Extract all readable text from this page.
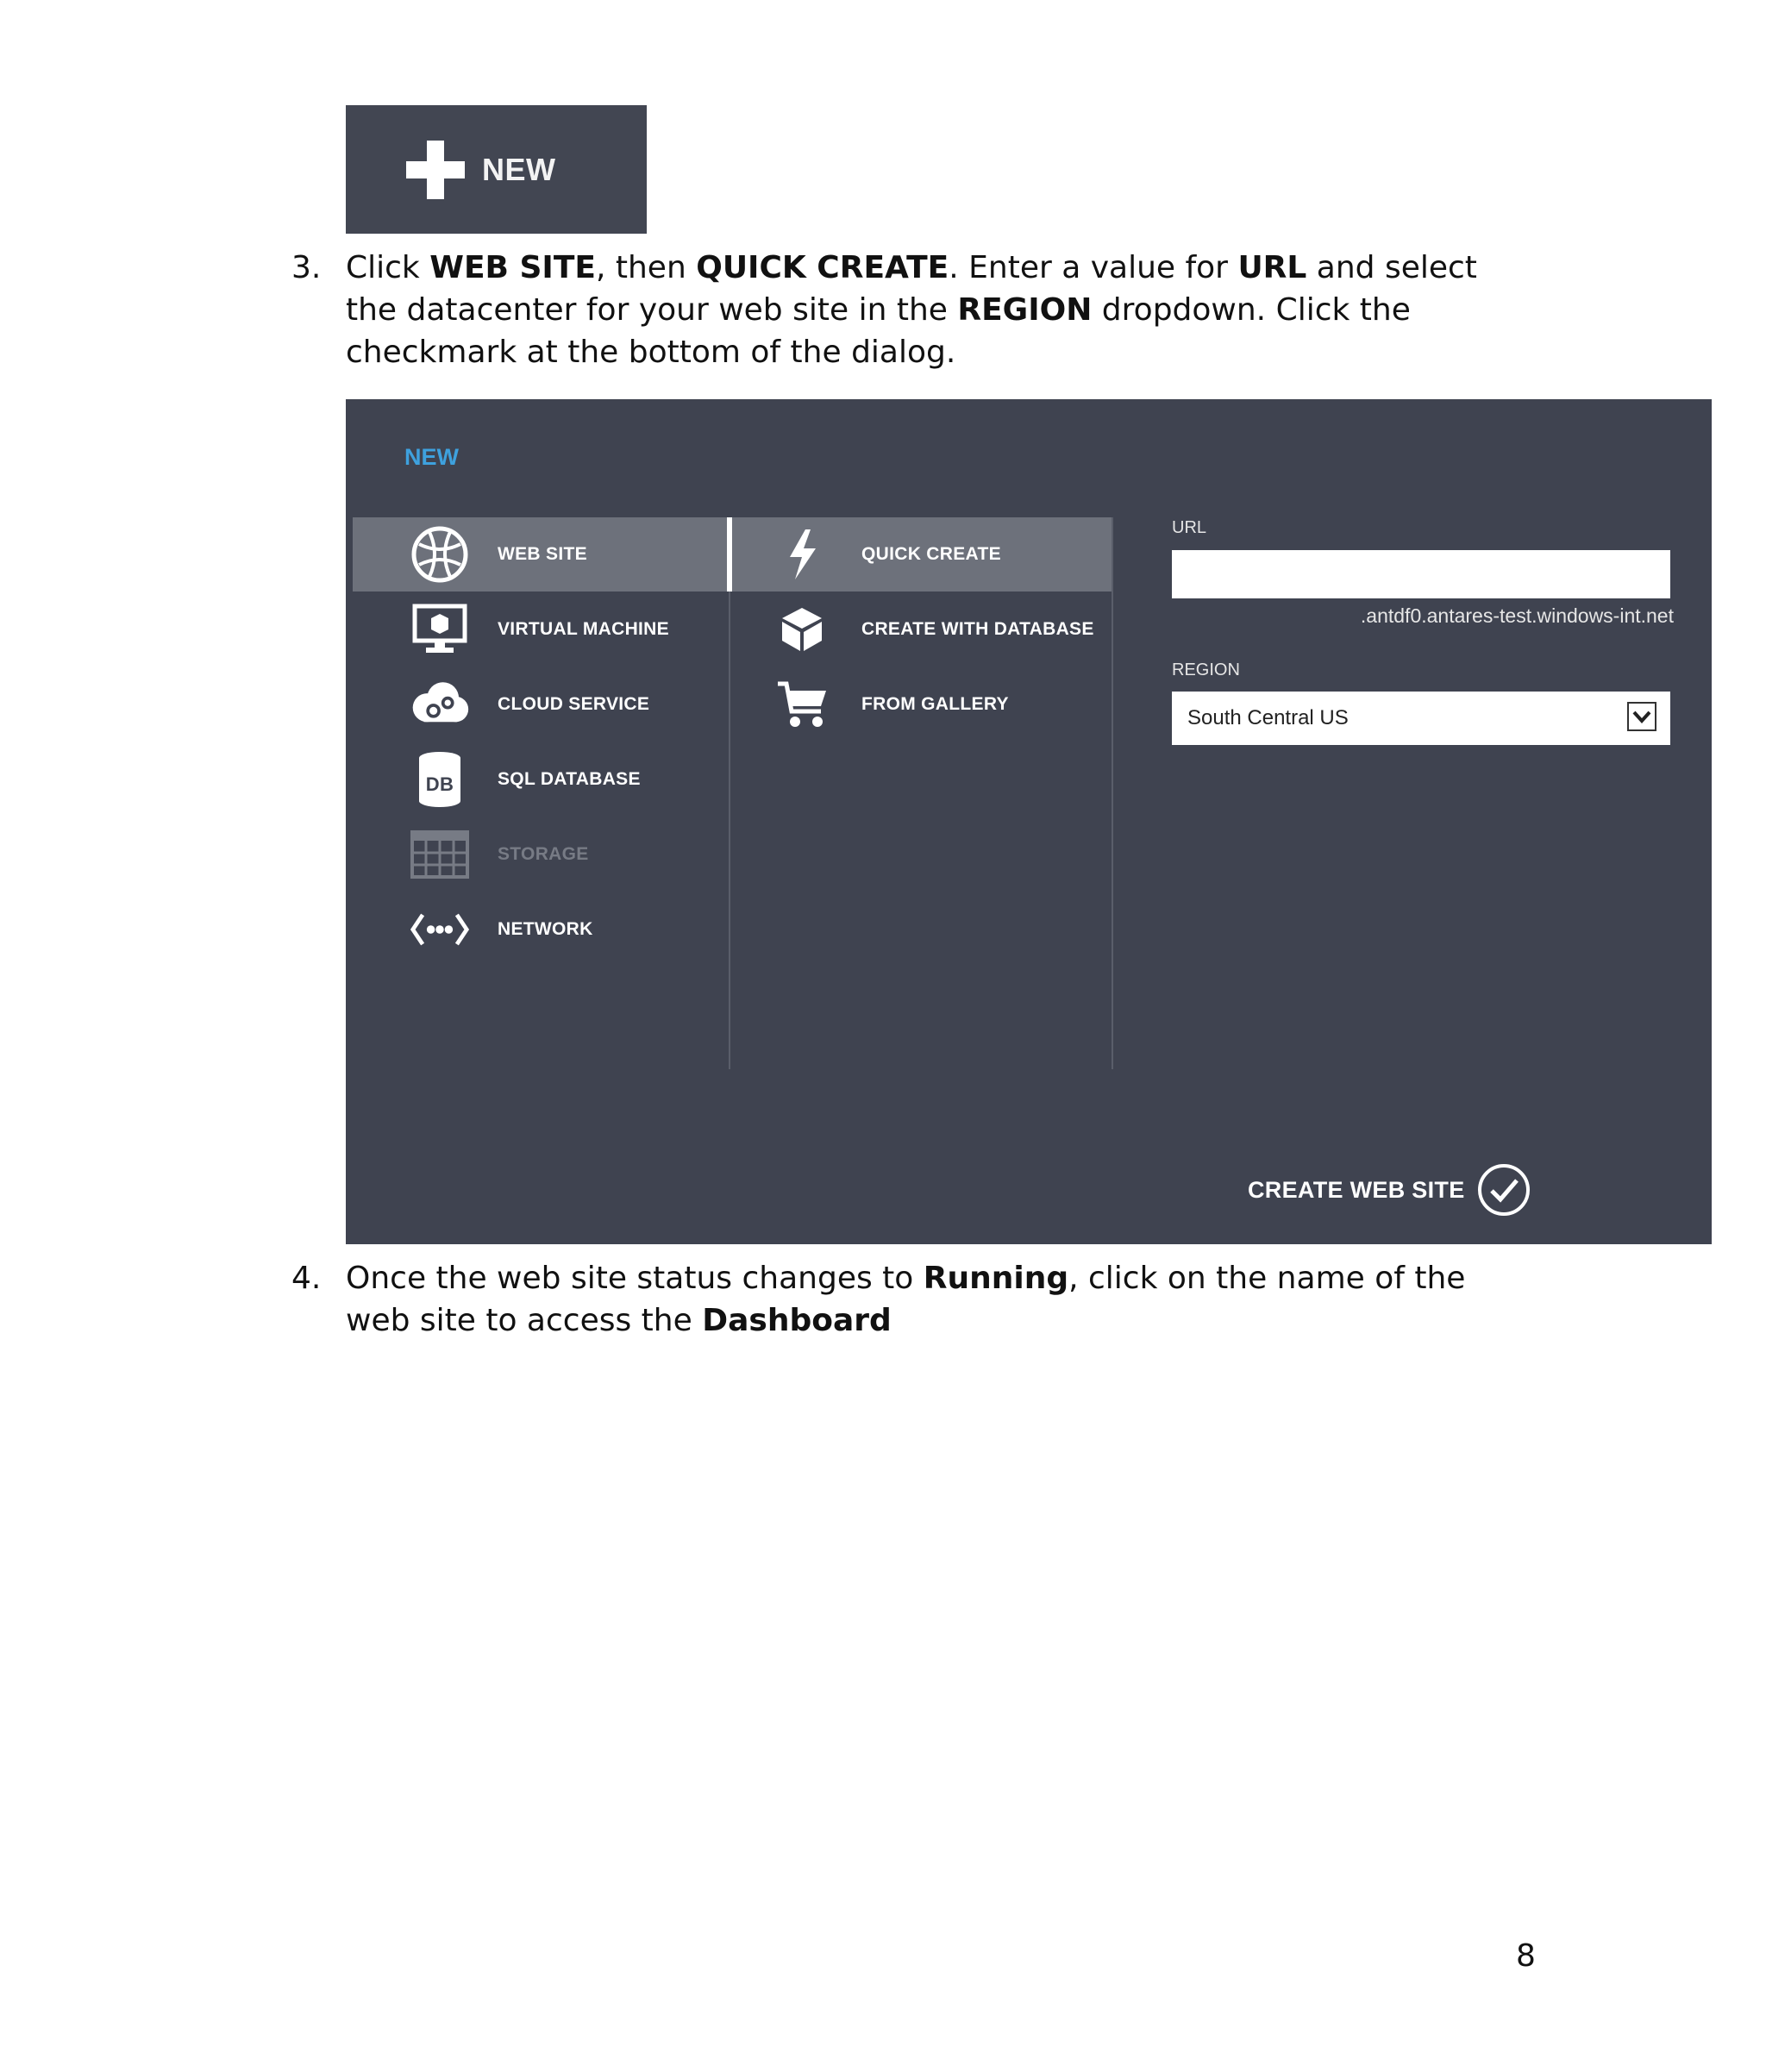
NEW
3. Click WEB SITE, then QUICK CREATE. Enter a value for URL and select the datacenter for your web site in the REGION dropdown. Click the checkmark at the bottom of the dialog.
NEW
WEB SITE
VIRTUAL MACHINE
CLOUD SERVICE
DB SQL DATABASE
STORAGE
NETWORK
QUICK CREATE
CREATE WITH DATABASE
FROM GALLERY
URL
.antdf0.antares-test.windows-int.net
REGION
South Central US
CREATE WEB SITE
4. Once the web site status changes to Running, click on the name of the web site to access the Dashboard
8
